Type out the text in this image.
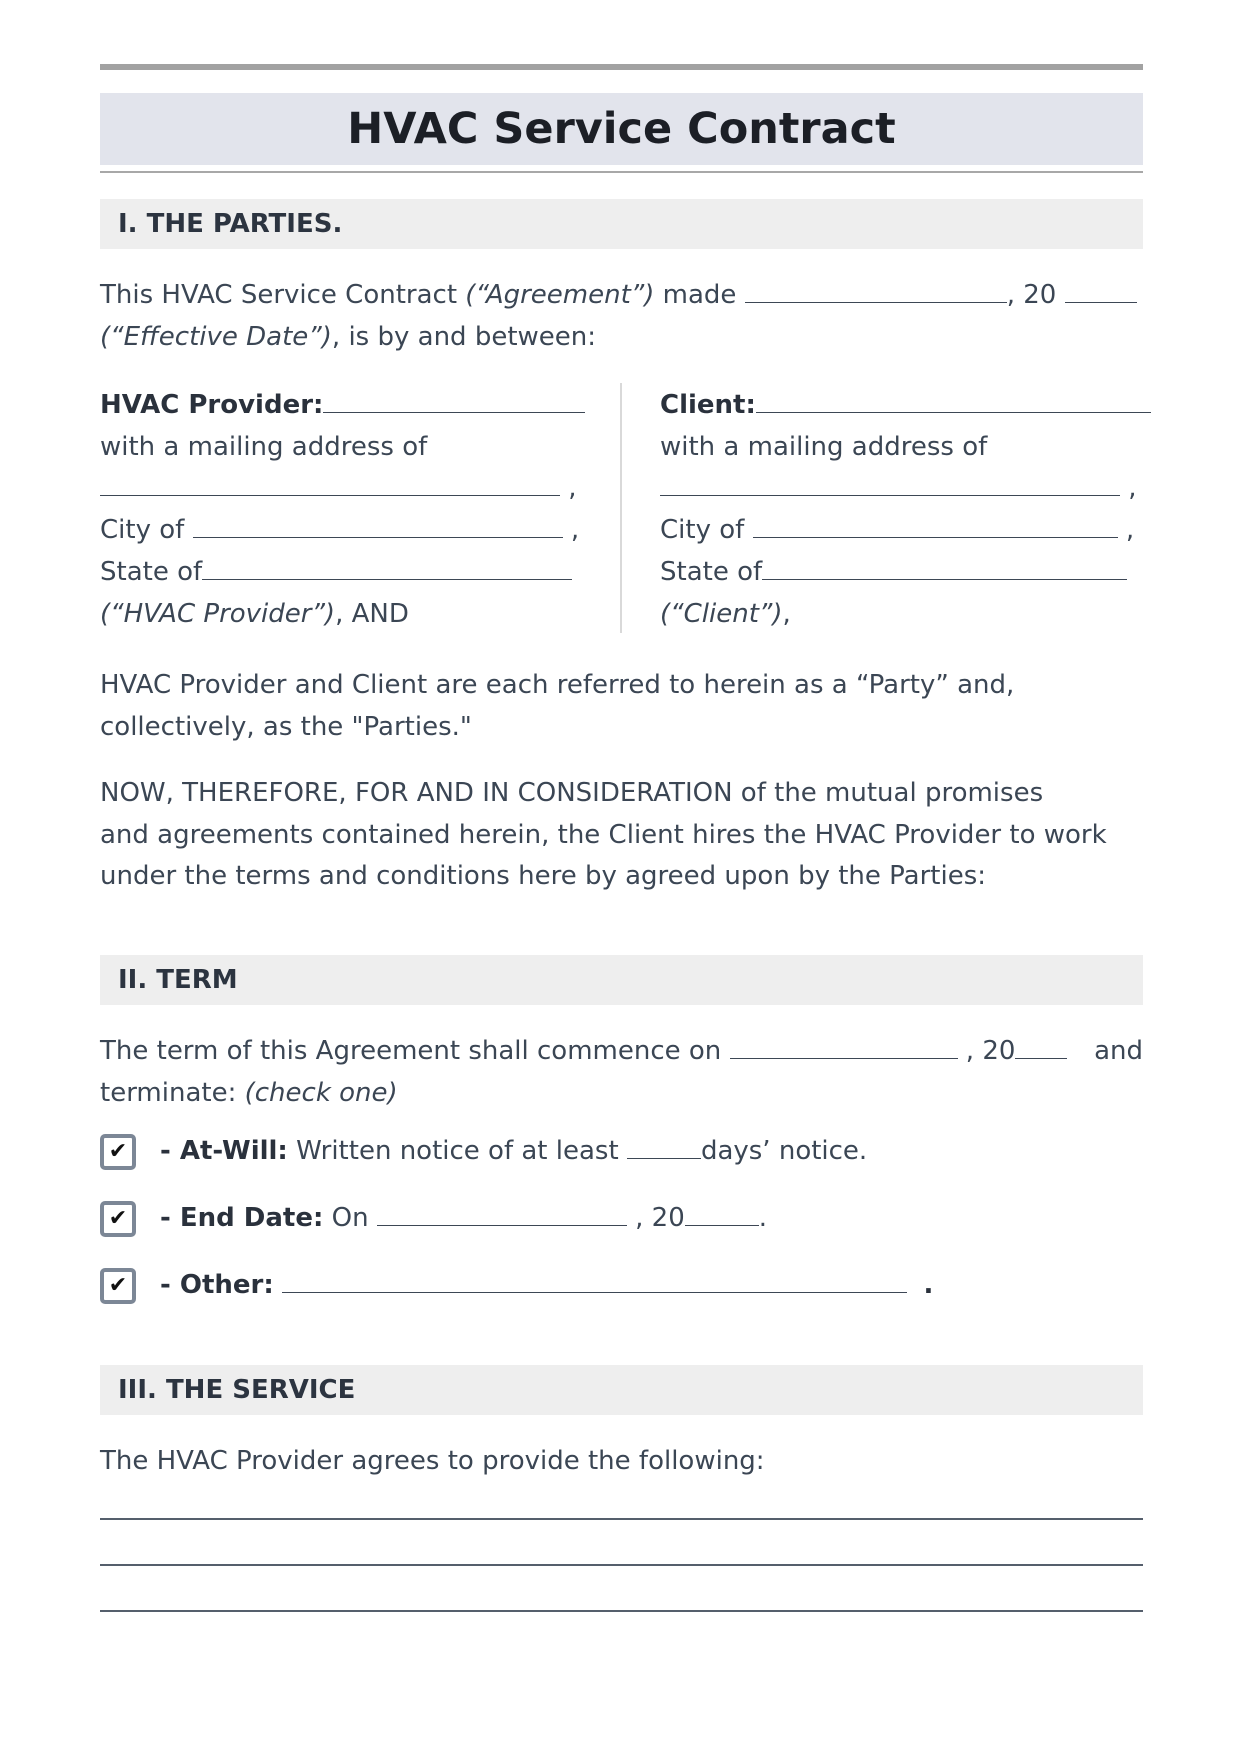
HVAC Service Contract
I. THE PARTIES.
This HVAC Service Contract (“Agreement”) made	, 20
(“Effective Date”), is by and between:
HVAC Provider:
with a mailing address of
,
City of	,
State of
(“HVAC Provider”), AND
Client:
with a mailing address of
,
City of	,
State of
(“Client”),
HVAC Provider and Client are each referred to herein as a “Party” and,
collectively, as the "Parties."
NOW, THEREFORE, FOR AND IN CONSIDERATION of the mutual promises
and agreements contained herein, the Client hires the HVAC Provider to work
under the terms and conditions here by agreed upon by the Parties:
II. TERM
The term of this Agreement shall commence on	, 20	and
terminate: (check one)
✔	- At-Will: Written notice of at least	days’ notice.
✔	- End Date: On	, 20	.
✔	- Other:	.
III. THE SERVICE
The HVAC Provider agrees to provide the following:
